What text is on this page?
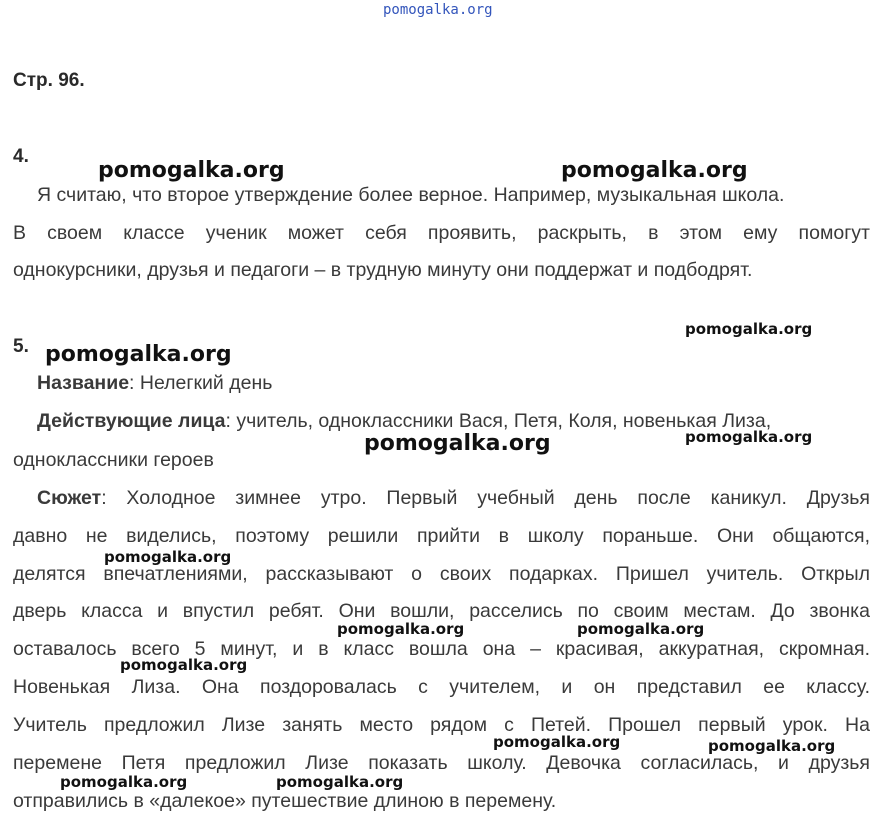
pomogalka.org
Стр. 96.
4.
Я считаю, что второе утверждение более верное. Например, музыкальная школа.
В своем классе ученик может себя проявить, раскрыть, в этом ему помогут
однокурсники, друзья и педагоги – в трудную минуту они поддержат и подбодрят.
5.
Название: Нелегкий день
Действующие лица: учитель, одноклассники Вася, Петя, Коля, новенькая Лиза,
одноклассники героев
Сюжет: Холодное зимнее утро. Первый учебный день после каникул. Друзья
давно не виделись, поэтому решили прийти в школу пораньше. Они общаются,
делятся впечатлениями, рассказывают о своих подарках. Пришел учитель. Открыл
дверь класса и впустил ребят. Они вошли, расселись по своим местам. До звонка
оставалось всего 5 минут, и в класс вошла она – красивая, аккуратная, скромная.
Новенькая Лиза. Она поздоровалась с учителем, и он представил ее классу.
Учитель предложил Лизе занять место рядом с Петей. Прошел первый урок. На
перемене Петя предложил Лизе показать школу. Девочка согласилась, и друзья
отправились в «далекое» путешествие длиною в перемену.
pomogalka.org	pomogalka.org
pomogalka.org
pomogalka.org
pomogalka.org
pomogalka.org
pomogalka.org
pomogalka.org	pomogalka.org
pomogalka.org
pomogalka.org	pomogalka.org
pomogalka.org	pomogalka.org
